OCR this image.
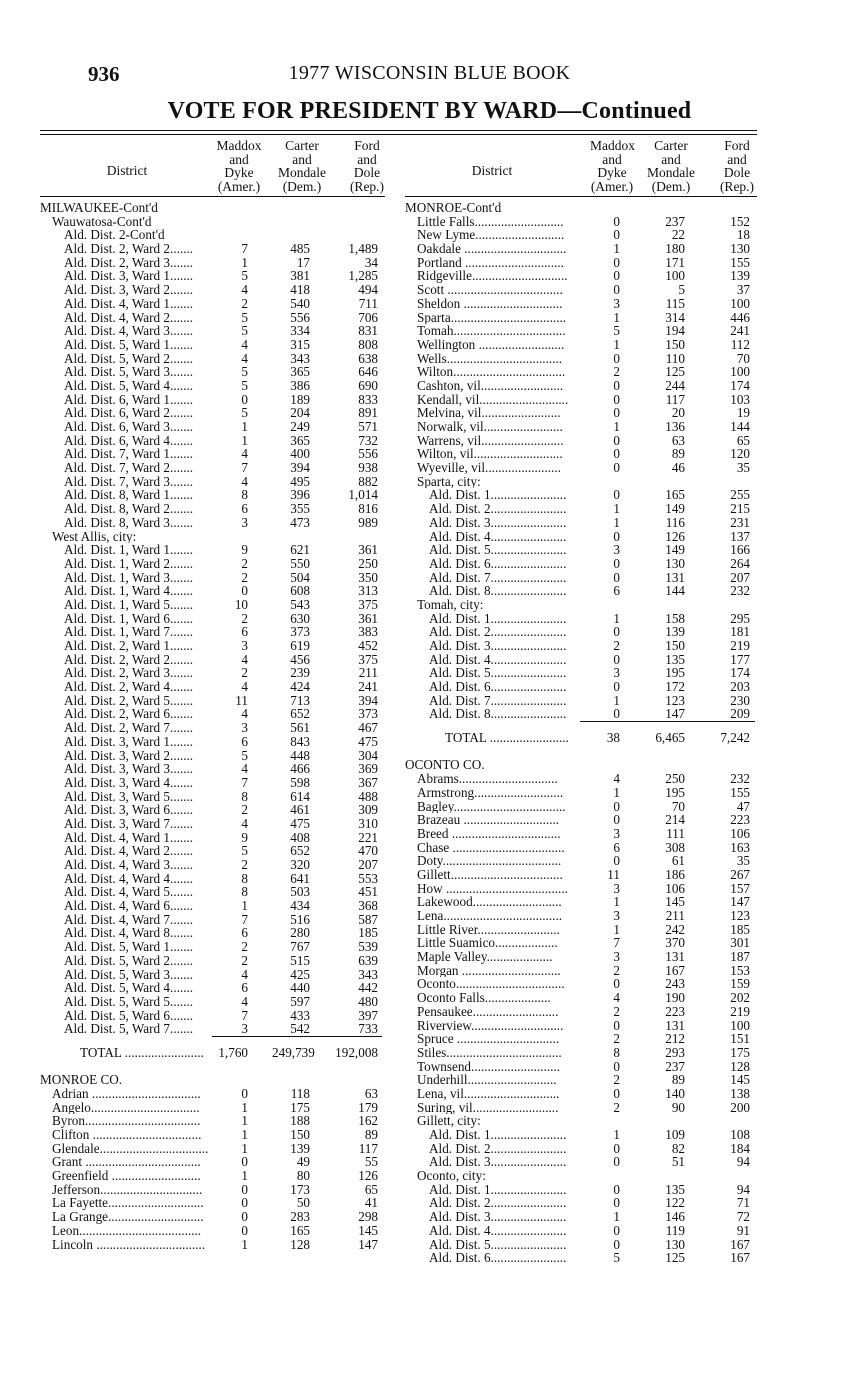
936	1977 WISCONSIN BLUE BOOK
VOTE FOR PRESIDENT BY WARD—Continued
District
Maddox
and
Dyke
(Amer.)
Carter
and
Mondale
(Dem.)
Ford
and
Dole
(Rep.)
MILWAUKEE-Cont'd
Wauwatosa-Cont'd
Ald. Dist. 2-Cont'd
Ald. Dist. 2, Ward 2.......	7	485	1,489
Ald. Dist. 2, Ward 3.......	1	17	34
Ald. Dist. 3, Ward 1.......	5	381	1,285
Ald. Dist. 3, Ward 2.......	4	418	494
Ald. Dist. 4, Ward 1.......	2	540	711
Ald. Dist. 4, Ward 2.......	5	556	706
Ald. Dist. 4, Ward 3.......	5	334	831
Ald. Dist. 5, Ward 1.......	4	315	808
Ald. Dist. 5, Ward 2.......	4	343	638
Ald. Dist. 5, Ward 3.......	5	365	646
Ald. Dist. 5, Ward 4.......	5	386	690
Ald. Dist. 6, Ward 1.......	0	189	833
Ald. Dist. 6, Ward 2.......	5	204	891
Ald. Dist. 6, Ward 3.......	1	249	571
Ald. Dist. 6, Ward 4.......	1	365	732
Ald. Dist. 7, Ward 1.......	4	400	556
Ald. Dist. 7, Ward 2.......	7	394	938
Ald. Dist. 7, Ward 3.......	4	495	882
Ald. Dist. 8, Ward 1.......	8	396	1,014
Ald. Dist. 8, Ward 2.......	6	355	816
Ald. Dist. 8, Ward 3.......	3	473	989
West Allis, city:
Ald. Dist. 1, Ward 1.......	9	621	361
Ald. Dist. 1, Ward 2.......	2	550	250
Ald. Dist. 1, Ward 3.......	2	504	350
Ald. Dist. 1, Ward 4.......	0	608	313
Ald. Dist. 1, Ward 5.......	10	543	375
Ald. Dist. 1, Ward 6.......	2	630	361
Ald. Dist. 1, Ward 7.......	6	373	383
Ald. Dist. 2, Ward 1.......	3	619	452
Ald. Dist. 2, Ward 2.......	4	456	375
Ald. Dist. 2, Ward 3.......	2	239	211
Ald. Dist. 2, Ward 4.......	4	424	241
Ald. Dist. 2, Ward 5.......	11	713	394
Ald. Dist. 2, Ward 6.......	4	652	373
Ald. Dist. 2, Ward 7.......	3	561	467
Ald. Dist. 3, Ward 1.......	6	843	475
Ald. Dist. 3, Ward 2.......	5	448	304
Ald. Dist. 3, Ward 3.......	4	466	369
Ald. Dist. 3, Ward 4.......	7	598	367
Ald. Dist. 3, Ward 5.......	8	614	488
Ald. Dist. 3, Ward 6.......	2	461	309
Ald. Dist. 3, Ward 7.......	4	475	310
Ald. Dist. 4, Ward 1.......	9	408	221
Ald. Dist. 4, Ward 2.......	5	652	470
Ald. Dist. 4, Ward 3.......	2	320	207
Ald. Dist. 4, Ward 4.......	8	641	553
Ald. Dist. 4, Ward 5.......	8	503	451
Ald. Dist. 4, Ward 6.......	1	434	368
Ald. Dist. 4, Ward 7.......	7	516	587
Ald. Dist. 4, Ward 8.......	6	280	185
Ald. Dist. 5, Ward 1.......	2	767	539
Ald. Dist. 5, Ward 2.......	2	515	639
Ald. Dist. 5, Ward 3.......	4	425	343
Ald. Dist. 5, Ward 4.......	6	440	442
Ald. Dist. 5, Ward 5.......	4	597	480
Ald. Dist. 5, Ward 6.......	7	433	397
Ald. Dist. 5, Ward 7.......	3	542	733
TOTAL ........................	1,760 249,739	192,008
MONROE CO.
Adrian .................................	0	118	63
Angelo.................................	1	175	179
Byron...................................	1	188	162
Clifton .................................	1	150	89
Glendale.................................	1	139	117
Grant ...................................	0	49	55
Greenfield ...........................	1	80	126
Jefferson...............................	0	173	65
La Fayette.............................	0	50	41
La Grange.............................	0	283	298
Leon.....................................	0	165	145
Lincoln .................................	1	128	147
District
Maddox
and
Dyke
(Amer.)
Carter
and
Mondale
(Dem.)
Ford
and
Dole
(Rep.)
MONROE-Cont'd
Little Falls...........................	0	237	152
New Lyme...........................	0	22	18
Oakdale ...............................	1	180	130
Portland ..............................	0	171	155
Ridgeville.............................	0	100	139
Scott ...................................	0	5	37
Sheldon ..............................	3	115	100
Sparta...................................	1	314	446
Tomah..................................	5	194	241
Wellington ..........................	1	150	112
Wells...................................	0	110	70
Wilton..................................	2	125	100
Cashton, vil.........................	0	244	174
Kendall, vil...........................	0	117	103
Melvina, vil........................	0	20	19
Norwalk, vil........................	1	136	144
Warrens, vil.........................	0	63	65
Wilton, vil...........................	0	89	120
Wyeville, vil.......................	0	46	35
Sparta, city:
Ald. Dist. 1.......................	0	165	255
Ald. Dist. 2.......................	1	149	215
Ald. Dist. 3.......................	1	116	231
Ald. Dist. 4.......................	0	126	137
Ald. Dist. 5.......................	3	149	166
Ald. Dist. 6.......................	0	130	264
Ald. Dist. 7.......................	0	131	207
Ald. Dist. 8.......................	6	144	232
Tomah, city:
Ald. Dist. 1.......................	1	158	295
Ald. Dist. 2.......................	0	139	181
Ald. Dist. 3.......................	2	150	219
Ald. Dist. 4.......................	0	135	177
Ald. Dist. 5.......................	3	195	174
Ald. Dist. 6.......................	0	172	203
Ald. Dist. 7.......................	1	123	230
Ald. Dist. 8.......................	0	147	209
TOTAL ........................	38	6,465	7,242
OCONTO CO.
Abrams..............................	4	250	232
Armstrong...........................	1	195	155
Bagley..................................	0	70	47
Brazeau .............................	0	214	223
Breed .................................	3	111	106
Chase ..................................	6	308	163
Doty....................................	0	61	35
Gillett..................................	11	186	267
How .....................................	3	106	157
Lakewood...........................	1	145	147
Lena....................................	3	211	123
Little River.........................	1	242	185
Little Suamico...................	7	370	301
Maple Valley....................	3	131	187
Morgan ..............................	2	167	153
Oconto.................................	0	243	159
Oconto Falls....................	4	190	202
Pensaukee..........................	2	223	219
Riverview............................	0	131	100
Spruce ...............................	2	212	151
Stiles...................................	8	293	175
Townsend...........................	0	237	128
Underhill...........................	2	89	145
Lena, vil.............................	0	140	138
Suring, vil..........................	2	90	200
Gillett, city:
Ald. Dist. 1.......................	1	109	108
Ald. Dist. 2.......................	0	82	184
Ald. Dist. 3.......................	0	51	94
Oconto, city:
Ald. Dist. 1.......................	0	135	94
Ald. Dist. 2.......................	0	122	71
Ald. Dist. 3.......................	1	146	72
Ald. Dist. 4.......................	0	119	91
Ald. Dist. 5.......................	0	130	167
Ald. Dist. 6.......................	5	125	167
